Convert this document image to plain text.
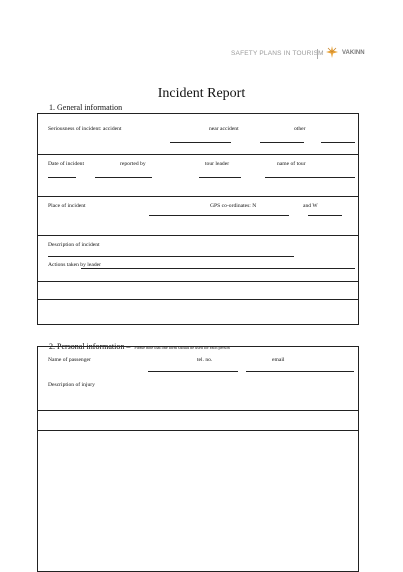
SAFETY PLANS IN TOURISM	VAKINN
Incident Report
1. General information
Seriousness of incident: accident	near accident	other
Date of incident	reported by	tour leader	name of tour
Place of incident	GPS co-ordinates: N	and W
Description of incident
Actions taken by leader
2. Personal information – Please note that one form should be used for each person
Name of passenger	tel. no.	email
Description of injury
